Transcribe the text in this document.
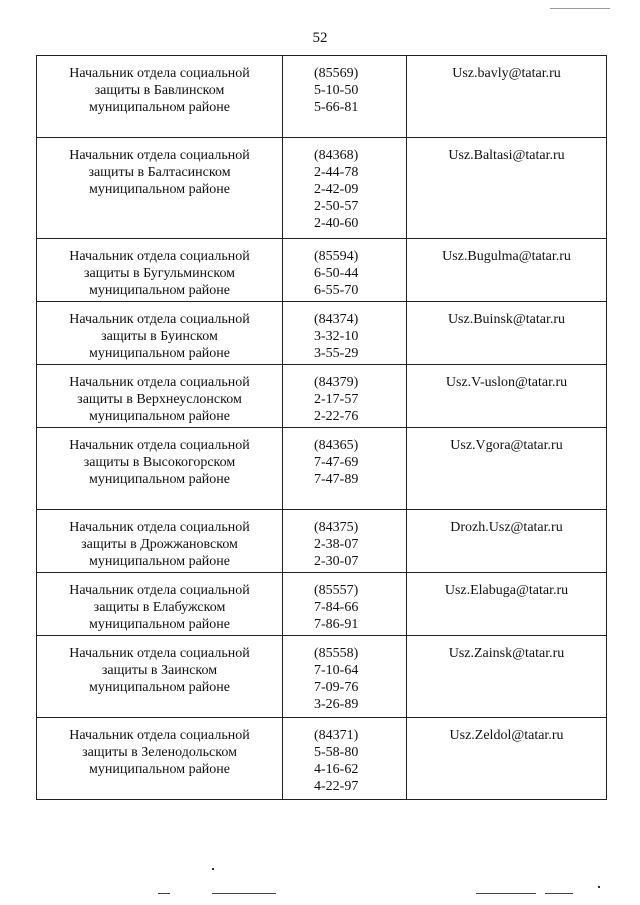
52
Начальник отдела социальной
защиты в Бавлинском
муниципальном районе
(85569)
5-10-50
5-66-81
Usz.bavly@tatar.ru
Начальник отдела социальной
защиты в Балтасинском
муниципальном районе
(84368)
2-44-78
2-42-09
2-50-57
2-40-60
Usz.Baltasi@tatar.ru
Начальник отдела социальной
защиты в Бугульминском
муниципальном районе
(85594)
6-50-44
6-55-70
Usz.Bugulma@tatar.ru
Начальник отдела социальной
защиты в Буинском
муниципальном районе
(84374)
3-32-10
3-55-29
Usz.Buinsk@tatar.ru
Начальник отдела социальной
защиты в Верхнеуслонском
муниципальном районе
(84379)
2-17-57
2-22-76
Usz.V-uslon@tatar.ru
Начальник отдела социальной
защиты в Высокогорском
муниципальном районе
(84365)
7-47-69
7-47-89
Usz.Vgora@tatar.ru
Начальник отдела социальной
защиты в Дрожжановском
муниципальном районе
(84375)
2-38-07
2-30-07
Drozh.Usz@tatar.ru
Начальник отдела социальной
защиты в Елабужском
муниципальном районе
(85557)
7-84-66
7-86-91
Usz.Elabuga@tatar.ru
Начальник отдела социальной
защиты в Заинском
муниципальном районе
(85558)
7-10-64
7-09-76
3-26-89
Usz.Zainsk@tatar.ru
Начальник отдела социальной
защиты в Зеленодольском
муниципальном районе
(84371)
5-58-80
4-16-62
4-22-97
Usz.Zeldol@tatar.ru
